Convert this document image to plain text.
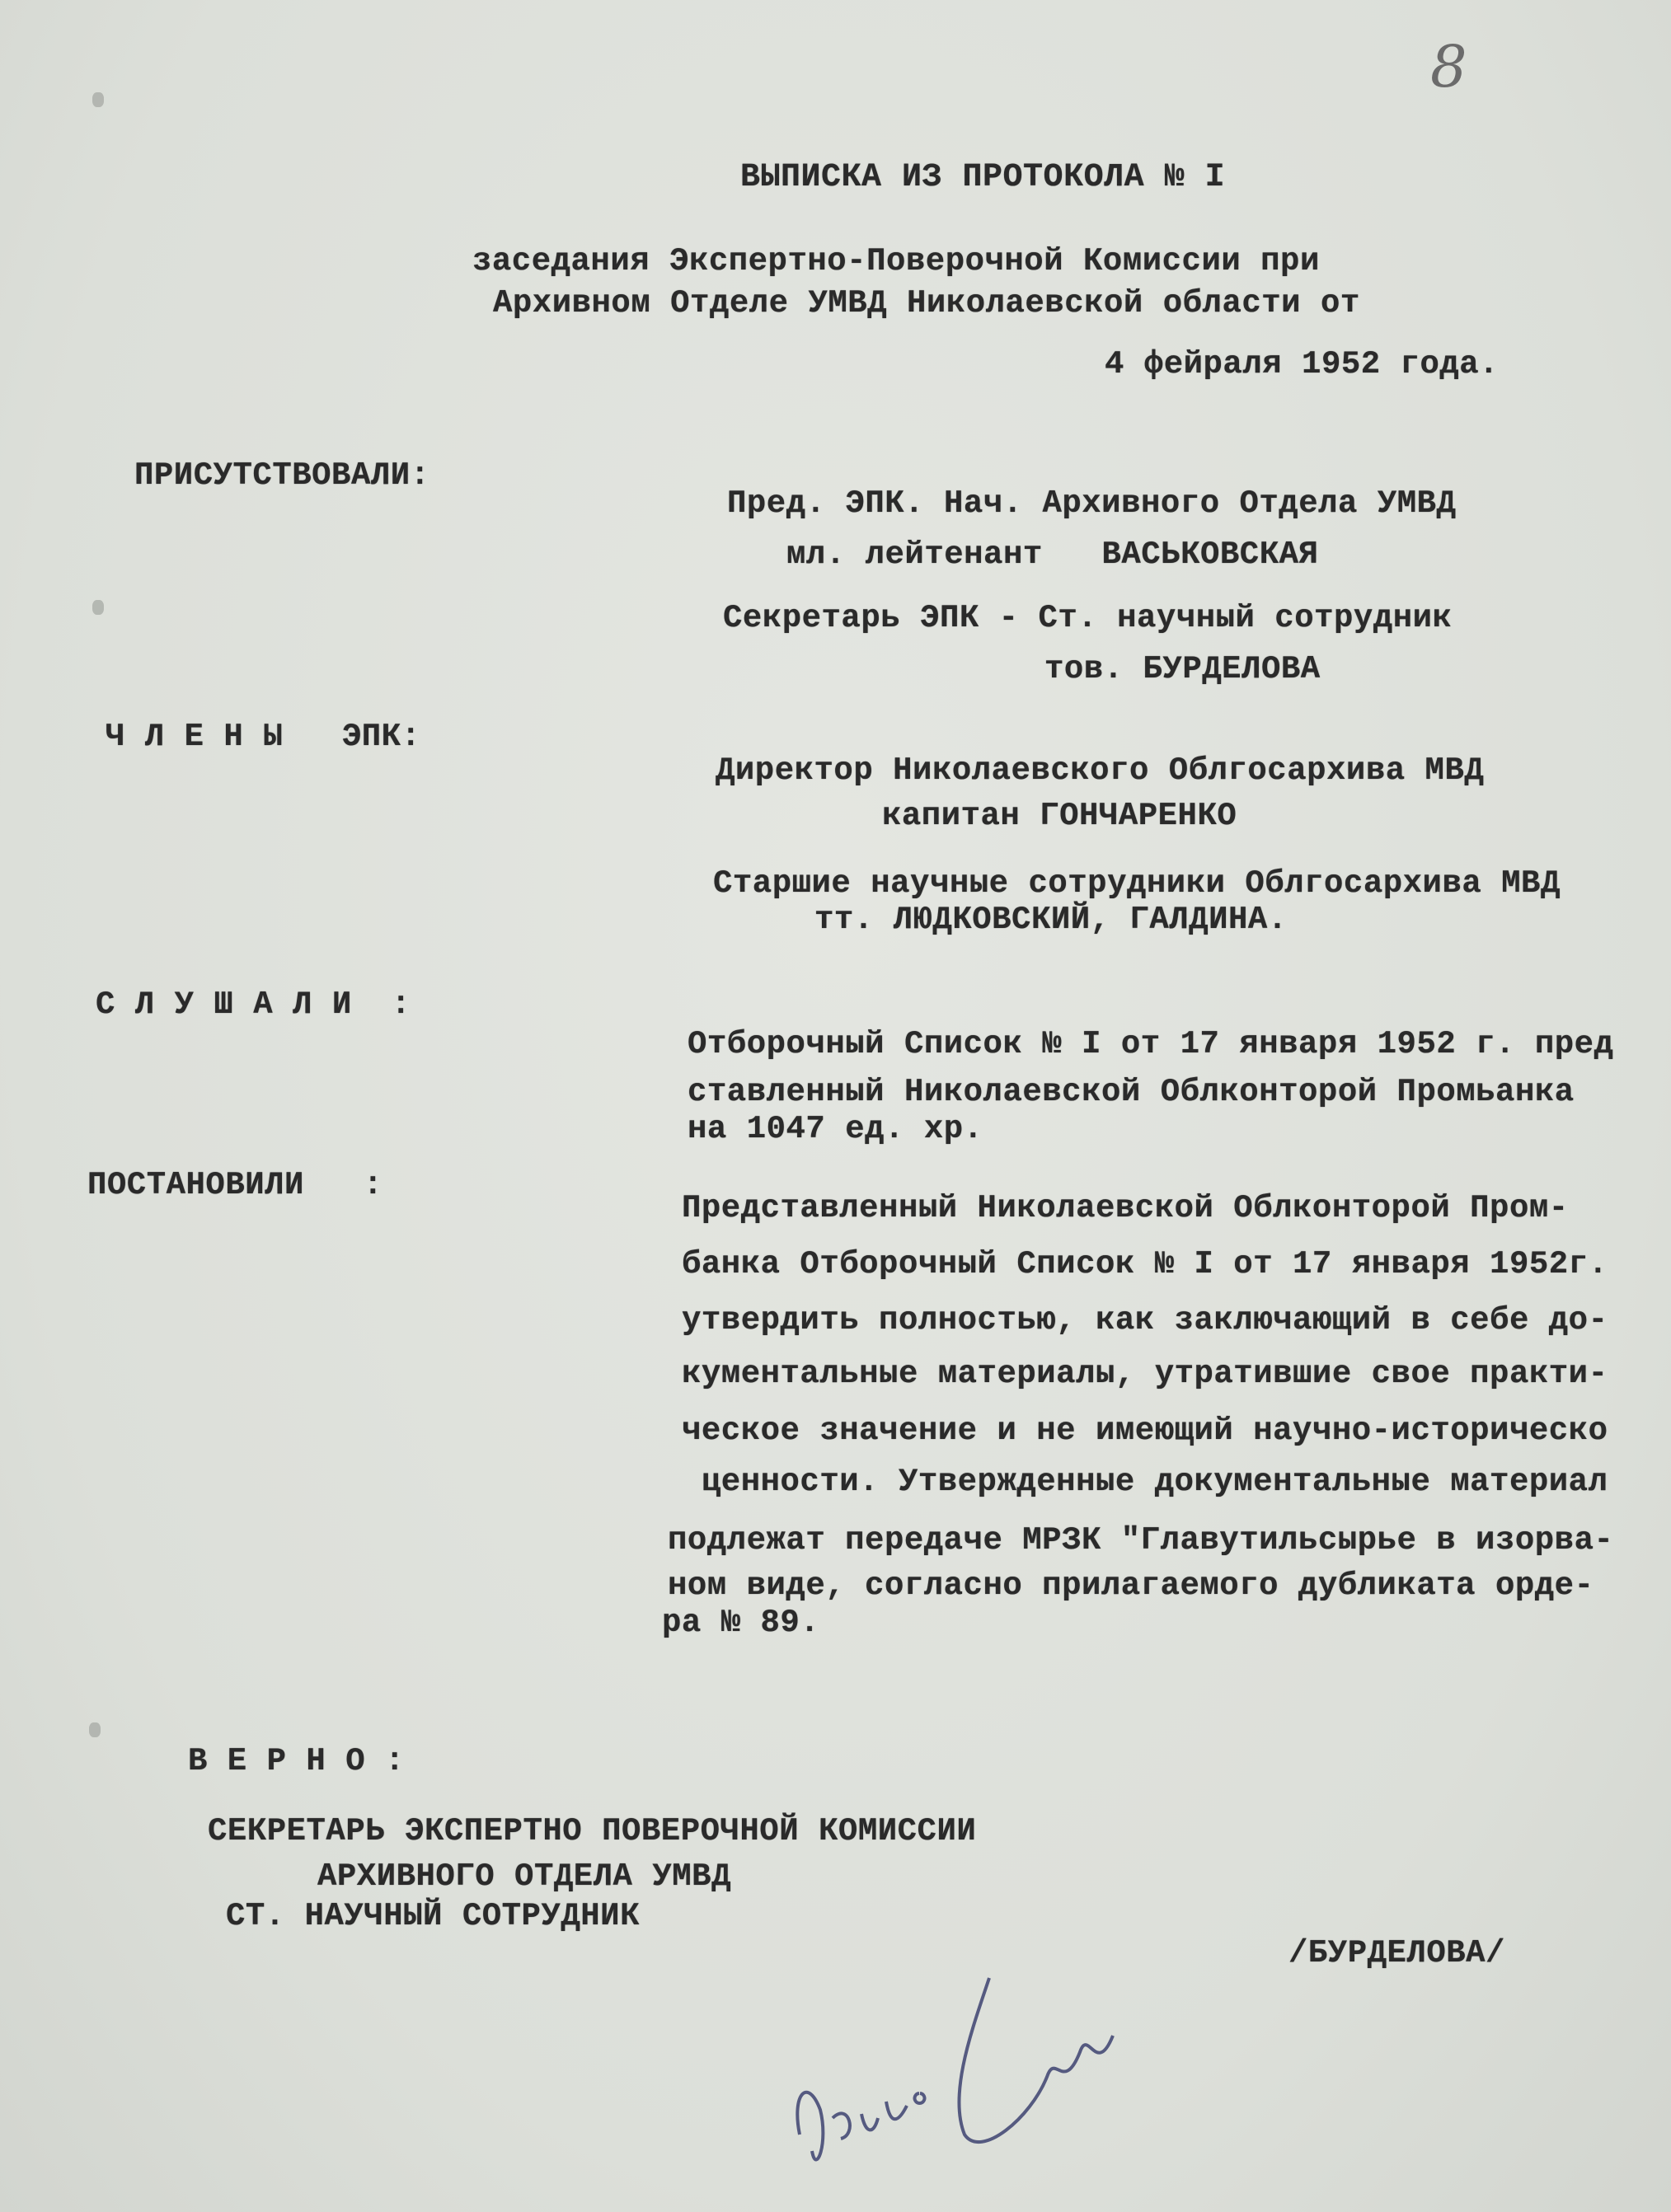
8
ВЫПИСКА ИЗ ПРОТОКОЛА № I
заседания Экспертно-Поверочной Комиссии при
Архивном Отделе УМВД Николаевской области от
4 фейраля 1952 года.
ПРИСУТСТВОВАЛИ:
Пред. ЭПК. Нач. Архивного Отдела УМВД
мл. лейтенант   ВАСЬКОВСКАЯ
Секретарь ЭПК - Ст. научный сотрудник
тов. БУРДЕЛОВА
Ч Л Е Н Ы   ЭПК:
Директор Николаевского Облгосархива МВД
капитан ГОНЧАРЕНКО
Старшие научные сотрудники Облгосархива МВД
тт. ЛЮДКОВСКИЙ, ГАЛДИНА.
С Л У Ш А Л И  :
Отборочный Список № I от 17 января 1952 г. пред
ставленный Николаевской Облконторой Промьанка
на 1047 ед. хр.
ПОСТАНОВИЛИ   :
Представленный Николаевской Облконторой Пром-
банка Отборочный Список № I от 17 января 1952г.
утвердить полностью, как заключающий в себе до-
кументальные материалы, утратившие свое практи-
ческое значение и не имеющий научно-историческо
ценности. Утвержденные документальные материал
подлежат передаче МРЗК "Главутильсырье в изорва-
ном виде, согласно прилагаемого дубликата орде-
ра № 89.
В Е Р Н О :
СЕКРЕТАРЬ ЭКСПЕРТНО ПОВЕРОЧНОЙ КОМИССИИ
АРХИВНОГО ОТДЕЛА УМВД
СТ. НАУЧНЫЙ СОТРУДНИК
/БУРДЕЛОВА/
